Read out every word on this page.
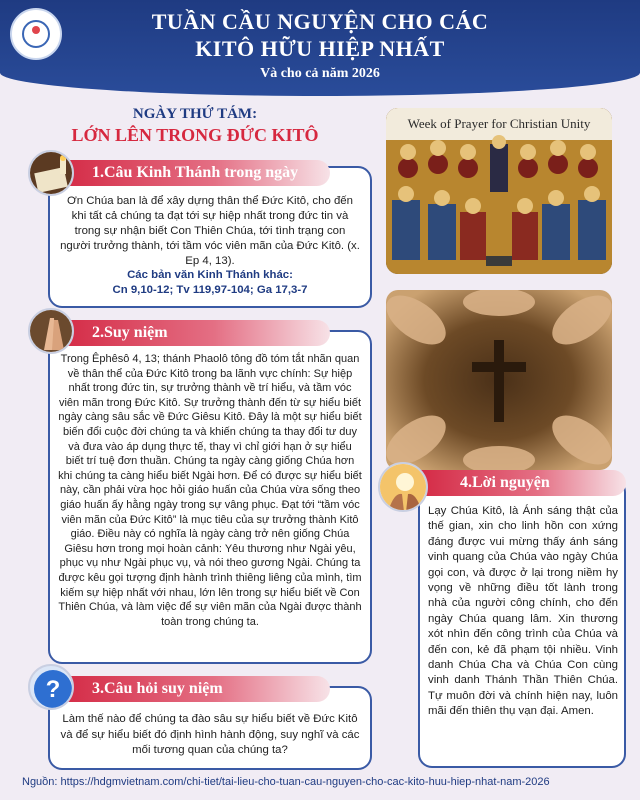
TUẦN CẦU NGUYỆN CHO CÁC
KITÔ HỮU HIỆP NHẤT
Và cho cả năm 2026
NGÀY THỨ TÁM:
LỚN LÊN TRONG ĐỨC KITÔ
Ơn Chúa ban là để xây dựng thân thể Đức Kitô, cho đến khi tất cả chúng ta đạt tới sự hiệp nhất trong đức tin và trong sự nhận biết Con Thiên Chúa, tới tình trạng con người trưởng thành, tới tầm vóc viên mãn của Đức Kitô. (x. Ep 4, 13).
Các bản văn Kinh Thánh khác:
Cn 9,10-12; Tv 119,97-104; Ga 17,3-7
1.Câu Kinh Thánh trong ngày
Trong Êphêsô 4, 13; thánh Phaolô tông đồ tóm tắt nhãn quan về thân thể của Đức Kitô trong ba lãnh vực chính: Sự hiệp nhất trong đức tin, sự trưởng thành về trí hiểu, và tầm vóc viên mãn trong Đức Kitô. Sự trưởng thành đến từ sự hiểu biết ngày càng sâu sắc về Đức Giêsu Kitô. Đây là một sự hiểu biết biến đổi cuộc đời chúng ta và khiến chúng ta thay đổi tư duy và đưa vào áp dụng thực tế, thay vì chỉ giới hạn ở sự hiểu biết trí tuệ đơn thuần. Chúng ta ngày càng giống Chúa hơn khi chúng ta càng hiểu biết Ngài hơn. Để có được sự hiểu biết này, cần phải vừa học hỏi giáo huấn của Chúa vừa sống theo giáo huấn ấy hằng ngày trong sự vâng phục. Đạt tới “tầm vóc viên mãn của Đức Kitô” là mục tiêu của sự trưởng thành Kitô giáo. Điều này có nghĩa là ngày càng trở nên giống Chúa Giêsu hơn trong mọi hoàn cảnh: Yêu thương như Ngài yêu, phục vụ như Ngài phục vụ, và nói theo gương Ngài. Chúng ta được kêu gọi tượng định hành trình thiêng liêng của mình, tìm kiếm sự hiệp nhất với nhau, lớn lên trong sự hiểu biết về Con Thiên Chúa, và làm việc để sự viên mãn của Ngài được thành toàn trong chúng ta.
2.Suy niệm
Làm thế nào để chúng ta đào sâu sự hiểu biết về Đức Kitô và để sự hiểu biết đó định hình hành động, suy nghĩ và các mối tương quan của chúng ta?
3.Câu hỏi suy niệm
?
Week of Prayer for Christian Unity
Lạy Chúa Kitô, là Ánh sáng thật của thế gian, xin cho linh hồn con xứng đáng được vui mừng thấy ánh sáng vinh quang của Chúa vào ngày Chúa gọi con, và được ở lại trong niềm hy vọng về những điều tốt lành trong nhà của người công chính, cho đến ngày Chúa quang lâm. Xin thương xót nhìn đến công trình của Chúa và đến con, kẻ đã phạm tội nhiều. Vinh danh Chúa Cha và Chúa Con cùng vinh danh Thánh Thần Thiên Chúa. Tự muôn đời và chính hiện nay, luôn mãi đến thiên thụ vạn đại. Amen.
4.Lời nguyện
Nguồn: https://hdgmvietnam.com/chi-tiet/tai-lieu-cho-tuan-cau-nguyen-cho-cac-kito-huu-hiep-nhat-nam-2026
